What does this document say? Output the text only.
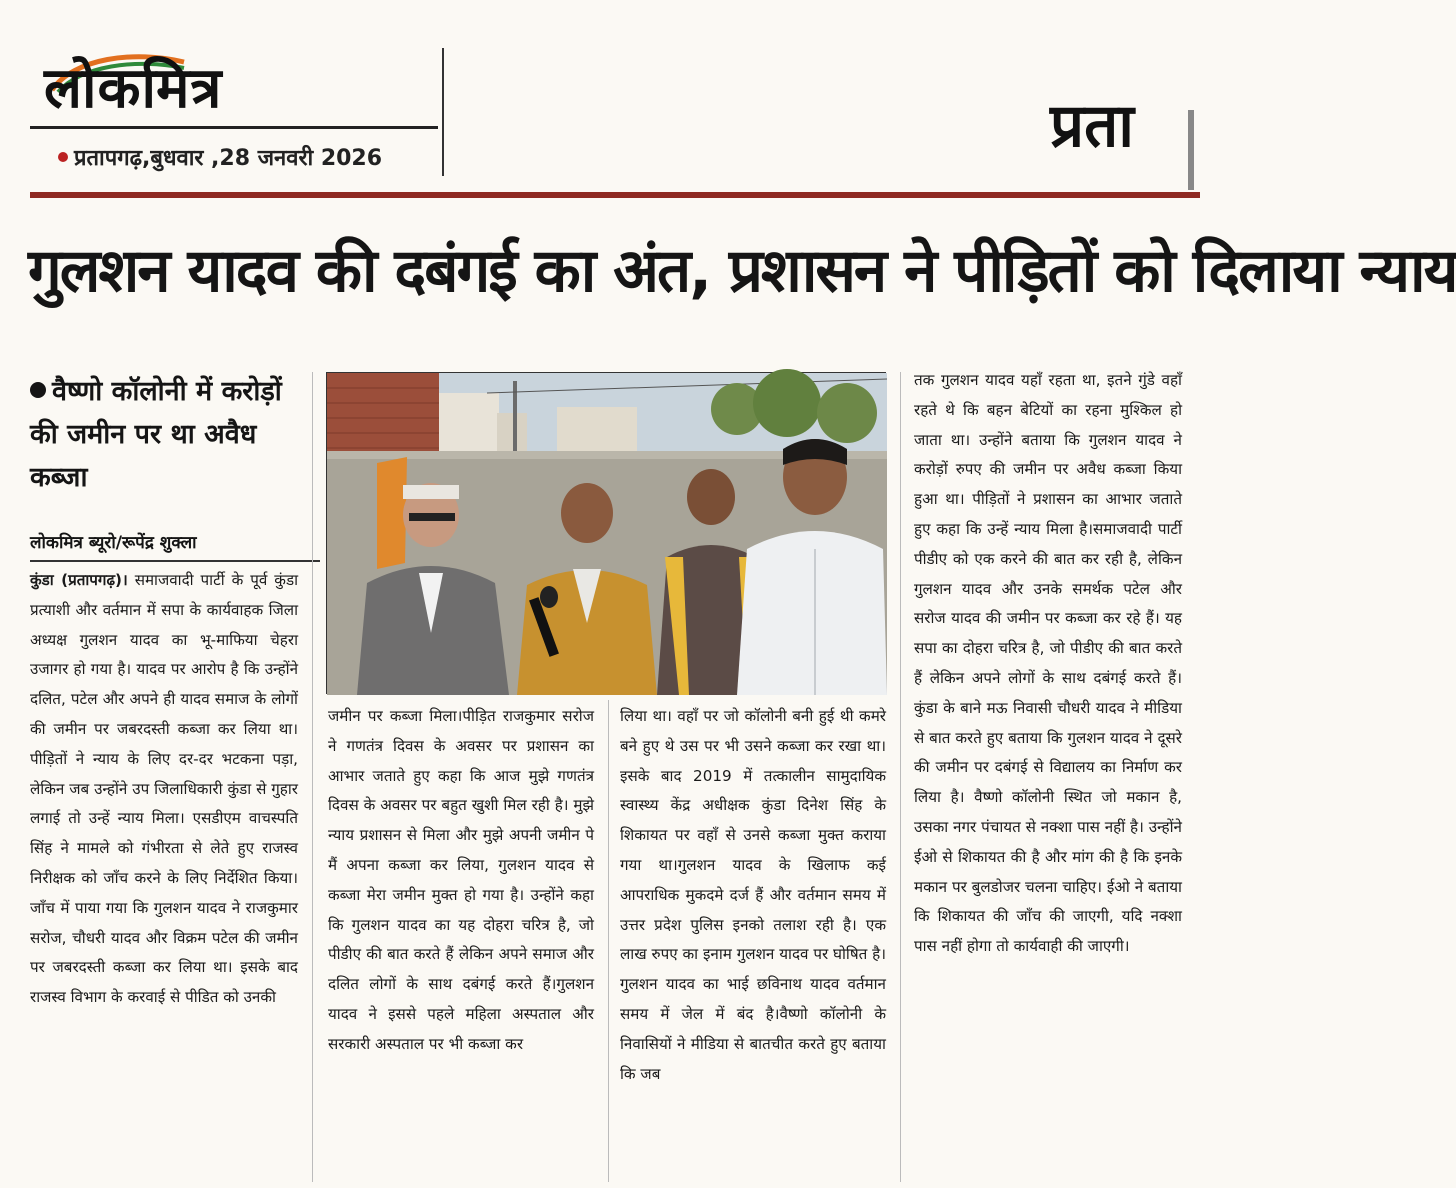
लोकमित्र
प्रतापगढ़,बुधवार ,28 जनवरी 2026	प्रता
गुलशन यादव की दबंगई का अंत, प्रशासन ने पीड़ितों को दिलाया न्याय
वैष्णो कॉलोनी में करोड़ों की जमीन पर था अवैध कब्जा
लोकमित्र ब्यूरो/रूपेंद्र शुक्ला
कुंडा (प्रतापगढ़)। समाजवादी पार्टी के पूर्व कुंडा प्रत्याशी और वर्तमान में सपा के कार्यवाहक जिला अध्यक्ष गुलशन यादव का भू-माफिया चेहरा उजागर हो गया है। यादव पर आरोप है कि उन्होंने दलित, पटेल और अपने ही यादव समाज के लोगों की जमीन पर जबरदस्ती कब्जा कर लिया था। पीड़ितों ने न्याय के लिए दर-दर भटकना पड़ा, लेकिन जब उन्होंने उप जिलाधिकारी कुंडा से गुहार लगाई तो उन्हें न्याय मिला। एसडीएम वाचस्पति सिंह ने मामले को गंभीरता से लेते हुए राजस्व निरीक्षक को जाँच करने के लिए निर्देशित किया। जाँच में पाया गया कि गुलशन यादव ने राजकुमार सरोज, चौधरी यादव और विक्रम पटेल की जमीन पर जबरदस्ती कब्जा कर लिया था। इसके बाद राजस्व विभाग के करवाई से पीडित को उनकी
जमीन पर कब्जा मिला।पीड़ित राजकुमार सरोज ने गणतंत्र दिवस के अवसर पर प्रशासन का आभार जताते हुए कहा कि आज मुझे गणतंत्र दिवस के अवसर पर बहुत खुशी मिल रही है। मुझे न्याय प्रशासन से मिला और मुझे अपनी जमीन पे मैं अपना कब्जा कर लिया, गुलशन यादव से कब्जा मेरा जमीन मुक्त हो गया है। उन्होंने कहा कि गुलशन यादव का यह दोहरा चरित्र है, जो पीडीए की बात करते हैं लेकिन अपने समाज और दलित लोगों के साथ दबंगई करते हैं।गुलशन यादव ने इससे पहले महिला अस्पताल और सरकारी अस्पताल पर भी कब्जा कर
लिया था। वहाँ पर जो कॉलोनी बनी हुई थी कमरे बने हुए थे उस पर भी उसने कब्जा कर रखा था। इसके बाद 2019 में तत्कालीन सामुदायिक स्वास्थ्य केंद्र अधीक्षक कुंडा दिनेश सिंह के शिकायत पर वहाँ से उनसे कब्जा मुक्त कराया गया था।गुलशन यादव के खिलाफ कई आपराधिक मुकदमे दर्ज हैं और वर्तमान समय में उत्तर प्रदेश पुलिस इनको तलाश रही है। एक लाख रुपए का इनाम गुलशन यादव पर घोषित है। गुलशन यादव का भाई छविनाथ यादव वर्तमान समय में जेल में बंद है।वैष्णो कॉलोनी के निवासियों ने मीडिया से बातचीत करते हुए बताया कि जब
तक गुलशन यादव यहाँ रहता था, इतने गुंडे वहाँ रहते थे कि बहन बेटियों का रहना मुश्किल हो जाता था। उन्होंने बताया कि गुलशन यादव ने करोड़ों रुपए की जमीन पर अवैध कब्जा किया हुआ था। पीड़ितों ने प्रशासन का आभार जताते हुए कहा कि उन्हें न्याय मिला है।समाजवादी पार्टी पीडीए को एक करने की बात कर रही है, लेकिन गुलशन यादव और उनके समर्थक पटेल और सरोज यादव की जमीन पर कब्जा कर रहे हैं। यह सपा का दोहरा चरित्र है, जो पीडीए की बात करते हैं लेकिन अपने लोगों के साथ दबंगई करते हैं।कुंडा के बाने मऊ निवासी चौधरी यादव ने मीडिया से बात करते हुए बताया कि गुलशन यादव ने दूसरे की जमीन पर दबंगई से विद्यालय का निर्माण कर लिया है। वैष्णो कॉलोनी स्थित जो मकान है, उसका नगर पंचायत से नक्शा पास नहीं है। उन्होंने ईओ से शिकायत की है और मांग की है कि इनके मकान पर बुलडोजर चलना चाहिए। ईओ ने बताया कि शिकायत की जाँच की जाएगी, यदि नक्शा पास नहीं होगा तो कार्यवाही की जाएगी।
